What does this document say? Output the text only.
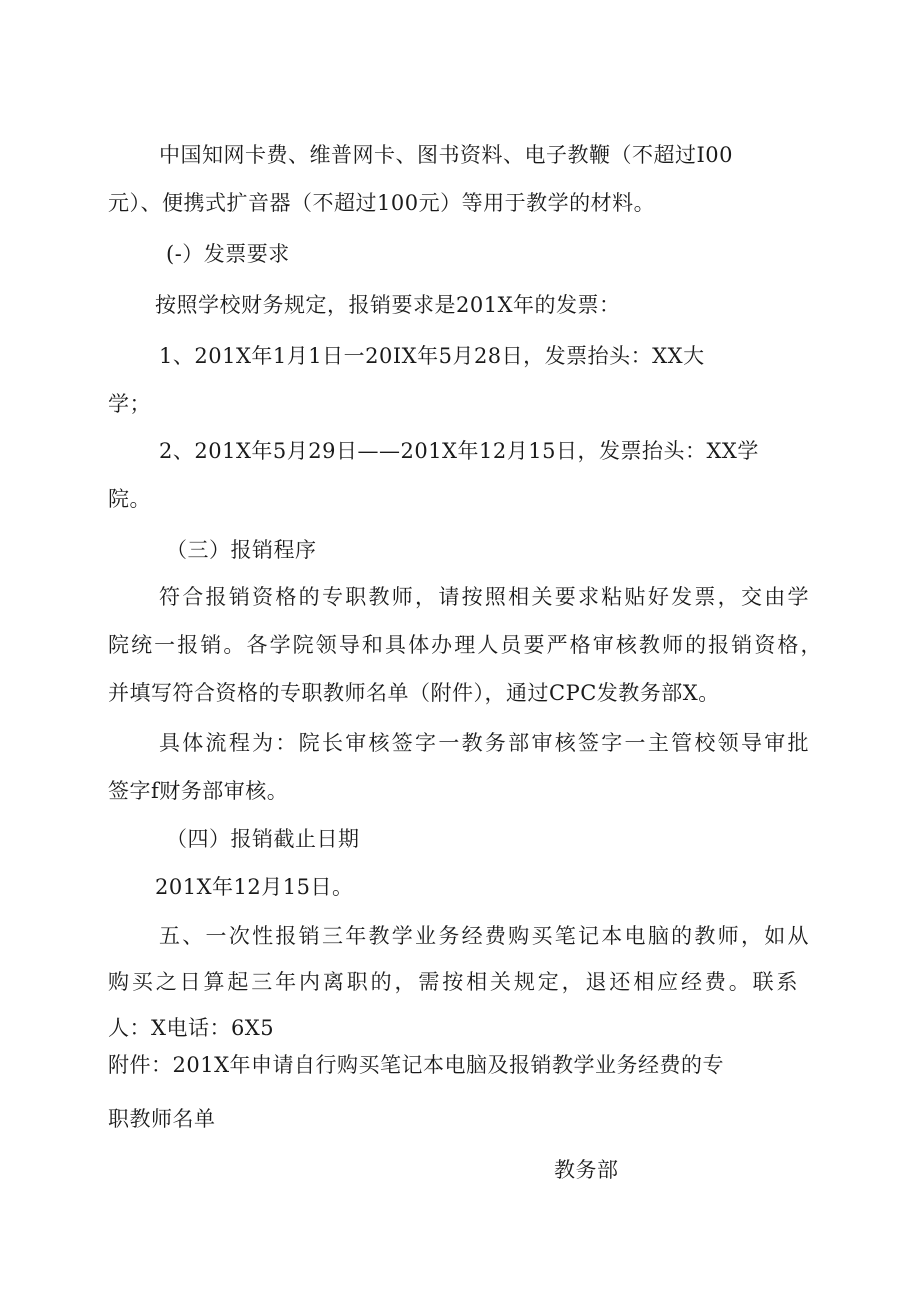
中国知网卡费、维普网卡、图书资料、电子教鞭（不超过I00

元）、便携式扩音器（不超过100元）等用于教学的材料。

(-）发票要求

按照学校财务规定，报销要求是201X年的发票：

1、201X年1月1日一20IX年5月28日，发票抬头：XX大

学；

2、201X年5月29日——201X年12月15日，发票抬头：XX学

院。

（三）报销程序

符合报销资格的专职教师，请按照相关要求粘贴好发票，交由学

院统一报销。各学院领导和具体办理人员要严格审核教师的报销资格，

并填写符合资格的专职教师名单（附件），通过CPC发教务部X。

具体流程为：院长审核签字一教务部审核签字一主管校领导审批

签字f财务部审核。

（四）报销截止日期

201X年12月15日。

五、一次性报销三年教学业务经费购买笔记本电脑的教师，如从

购买之日算起三年内离职的，需按相关规定，退还相应经费。联系

人：X电话：6X5

附件：201X年申请自行购买笔记本电脑及报销教学业务经费的专

职教师名单

教务部
